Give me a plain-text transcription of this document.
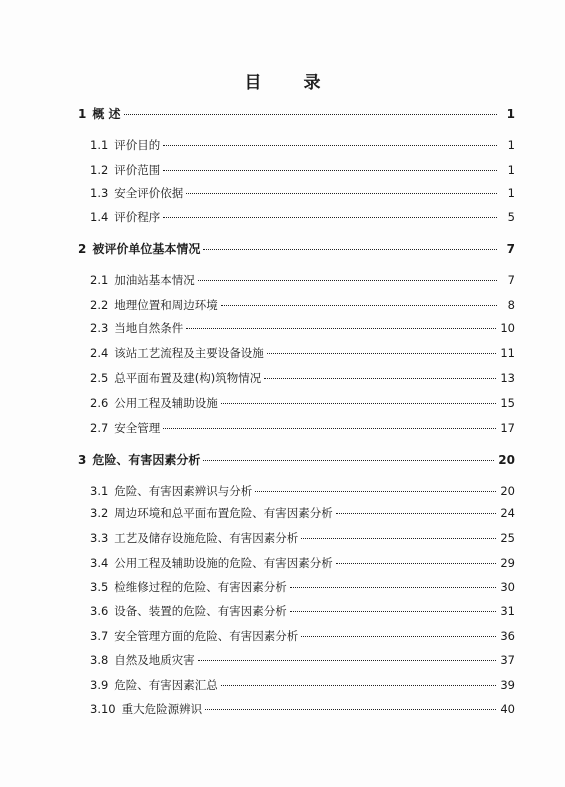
目 录
1 概 述	1
1.1 评价目的	1
1.2 评价范围	1
1.3 安全评价依据	1
1.4 评价程序	5
2 被评价单位基本情况	7
2.1 加油站基本情况	7
2.2 地理位置和周边环境	8
2.3 当地自然条件	10
2.4 该站工艺流程及主要设备设施	11
2.5 总平面布置及建(构)筑物情况	13
2.6 公用工程及辅助设施	15
2.7 安全管理	17
3 危险、有害因素分析	20
3.1 危险、有害因素辨识与分析	20
3.2 周边环境和总平面布置危险、有害因素分析	24
3.3 工艺及储存设施危险、有害因素分析	25
3.4 公用工程及辅助设施的危险、有害因素分析	29
3.5 检维修过程的危险、有害因素分析	30
3.6 设备、装置的危险、有害因素分析	31
3.7 安全管理方面的危险、有害因素分析	36
3.8 自然及地质灾害	37
3.9 危险、有害因素汇总	39
3.10 重大危险源辨识	40
